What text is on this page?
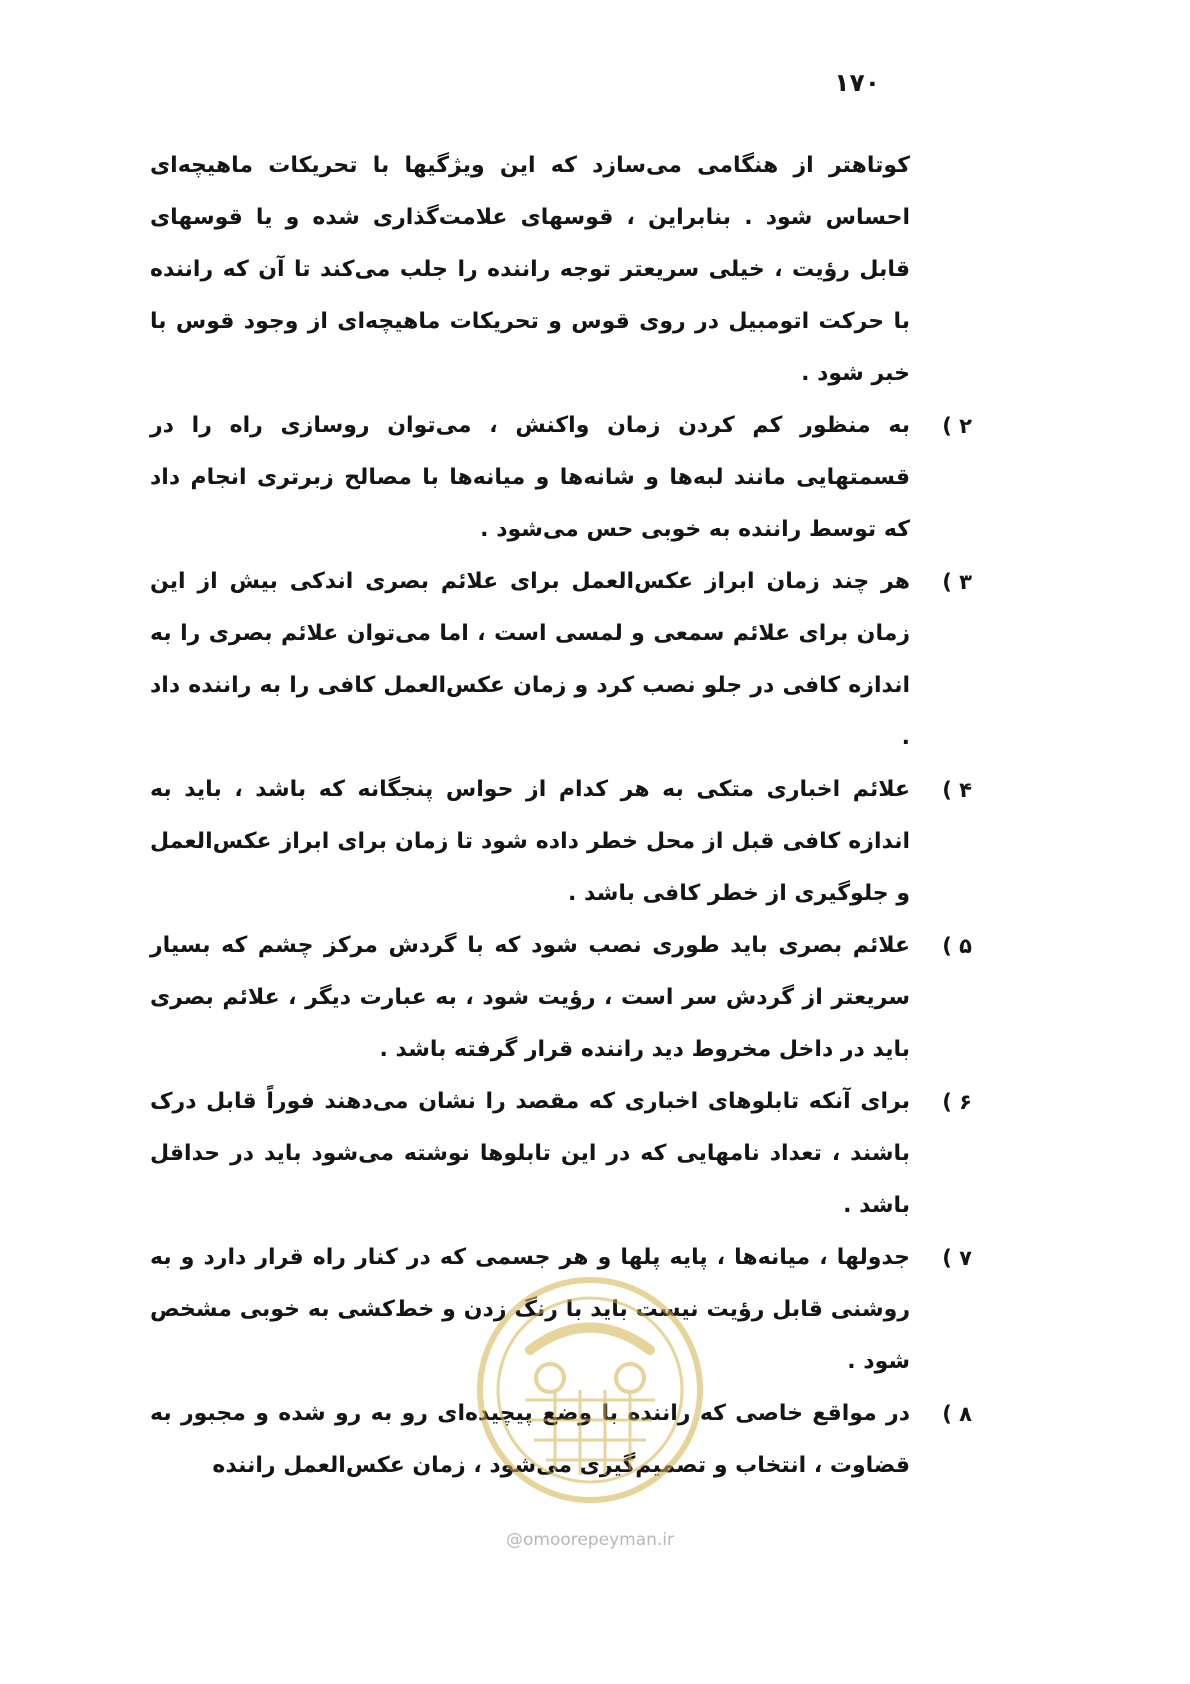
۱۷۰
کوتاهتر از هنگامی می‌سازد که این ویژگیها با تحریکات ماهیچه‌ای احساس شود . بنابراین ، قوسهای علامت‌گذاری شده و یا قوسهای قابل رؤیت ، خیلی سریعتر توجه راننده را جلب می‌کند تا آن که راننده با حرکت اتومبیل در روی قوس و تحریکات ماهیچه‌ای از وجود قوس با خبر شود .
۲ )
به منظور کم کردن زمان واکنش ، می‌توان روسازی راه را در قسمتهایی مانند لبه‌ها و شانه‌ها و میانه‌ها با مصالح زبرتری انجام داد که توسط راننده به خوبی حس می‌شود .
۳ )
هر چند زمان ابراز عکس‌العمل برای علائم بصری اندکی بیش از این زمان برای علائم سمعی و لمسی است ، اما می‌توان علائم بصری را به اندازه کافی در جلو نصب کرد و زمان عکس‌العمل کافی را به راننده داد .
۴ )
علائم اخباری متکی به هر کدام از حواس پنجگانه که باشد ، باید به اندازه کافی قبل از محل خطر داده شود تا زمان برای ابراز عکس‌العمل و جلوگیری از خطر کافی باشد .
۵ )
علائم بصری باید طوری نصب شود که با گردش مرکز چشم که بسیار سریعتر از گردش سر است ، رؤیت شود ، به عبارت دیگر ، علائم بصری باید در داخل مخروط دید راننده قرار گرفته باشد .
۶ )
برای آنکه تابلوهای اخباری که مقصد را نشان می‌دهند فوراً قابل درک باشند ، تعداد نامهایی که در این تابلوها نوشته می‌شود باید در حداقل باشد .
۷ )
جدولها ، میانه‌ها ، پایه پلها و هر جسمی که در کنار راه قرار دارد و به روشنی قابل رؤیت نیست باید با رنگ زدن و خط‌کشی به خوبی مشخص شود .
۸ )
در مواقع خاصی که راننده با وضع پیچیده‌ای رو به رو شده و مجبور به قضاوت ، انتخاب و تصمیم‌گیری می‌شود ، زمان عکس‌العمل راننده
@omoorepeyman.ir
